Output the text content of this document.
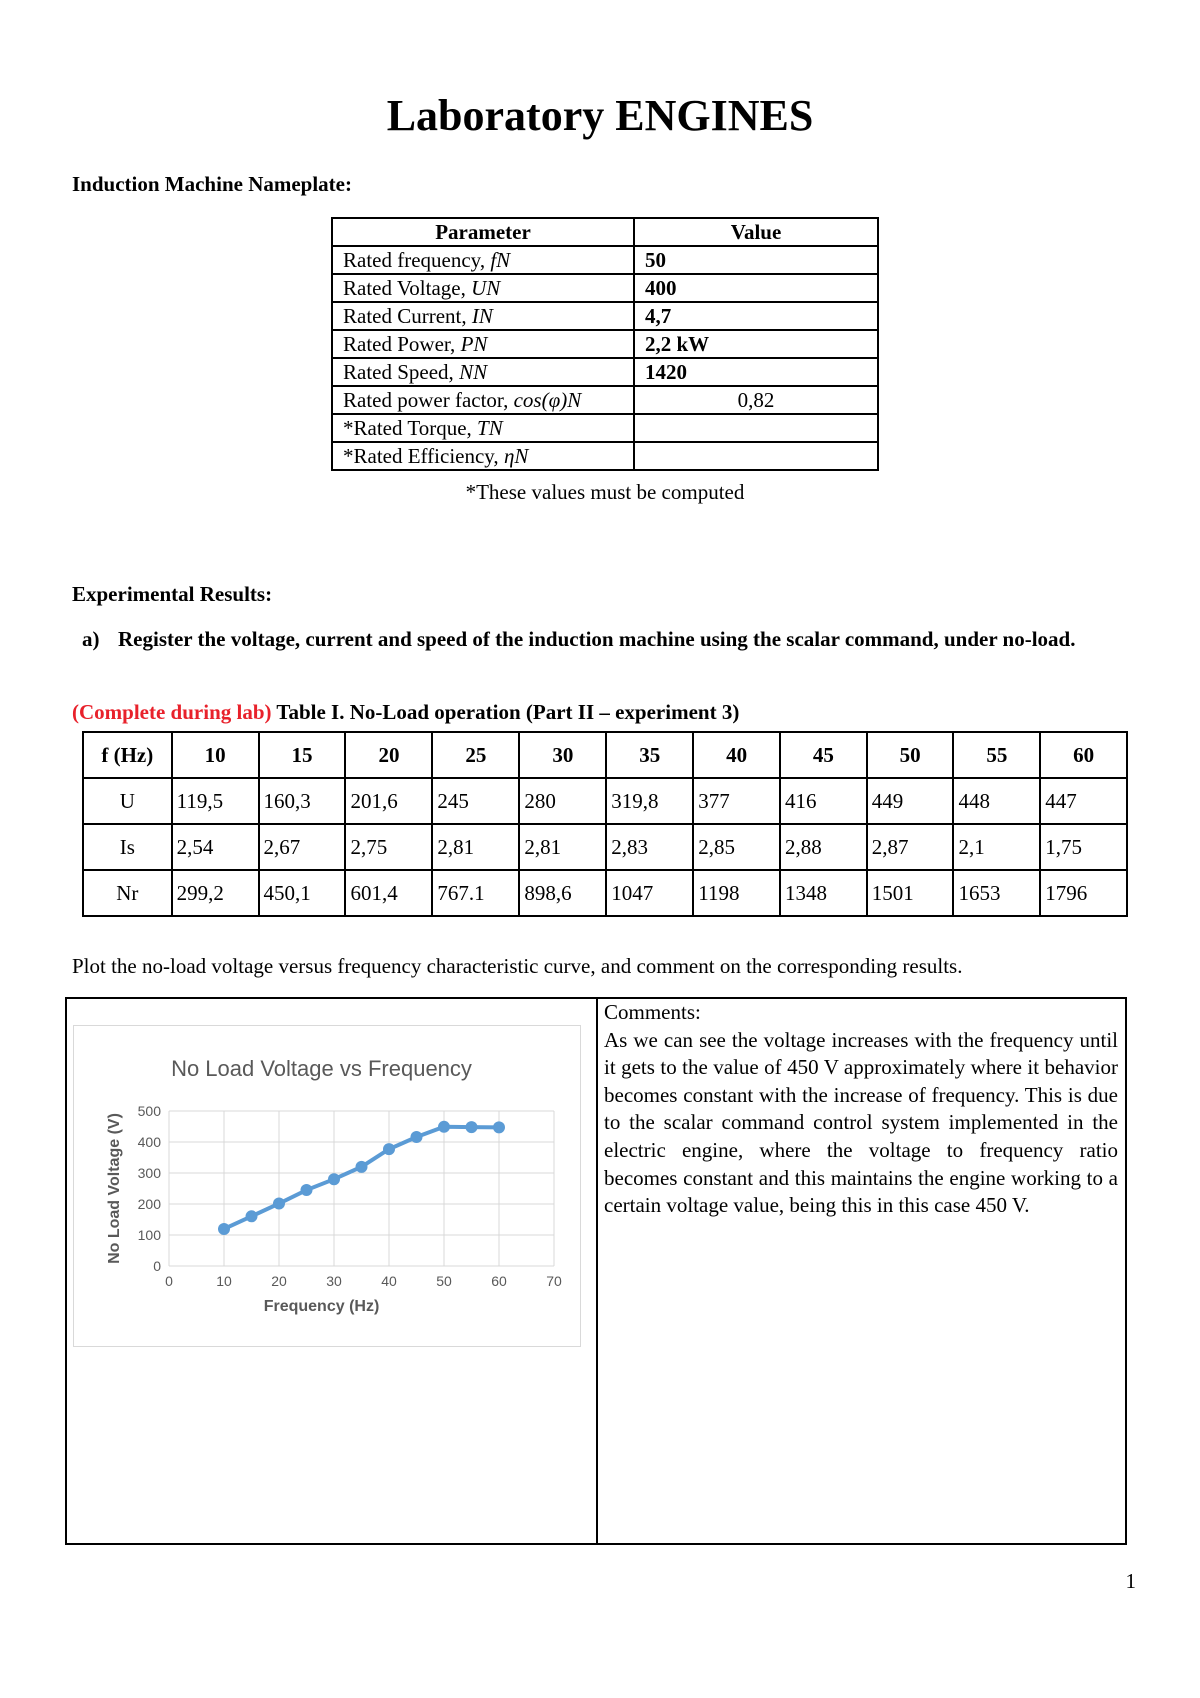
Laboratory ENGINES
Induction Machine Nameplate:
Parameter	Value
Rated frequency, fN	50
Rated Voltage, UN	400
Rated Current, IN	4,7
Rated Power, PN	2,2 kW
Rated Speed, NN	1420
Rated power factor, cos(φ)N	0,82
*Rated Torque, TN	
*Rated Efficiency, ηN	
*These values must be computed
Experimental Results:
a) Register the voltage, current and speed of the induction machine using the scalar command, under no-load.
(Complete during lab) Table I. No-Load operation (Part II – experiment 3)
f (Hz)	10	15	20	25	30	35	40	45	50	55	60
U	119,5	160,3	201,6	245	280	319,8	377	416	449	448	447
Is	2,54	2,67	2,75	2,81	2,81	2,83	2,85	2,88	2,87	2,1	1,75
Nr	299,2	450,1	601,4	767.1	898,6	1047	1198	1348	1501	1653	1796
Plot the no-load voltage versus frequency characteristic curve, and comment on the corresponding results.
No Load Voltage vs Frequency
0
100
200
300
400
500
0	10	20	30	40	50	60	70
Frequency (Hz)
No Load Voltage (V)
Comments:
As we can see the voltage increases with the frequency until it gets to the value of 450 V approximately where it behavior becomes constant with the increase of frequency. This is due to the scalar command control system implemented in the electric engine, where the voltage to frequency ratio becomes constant and this maintains the engine working to a certain voltage value, being this in this case 450 V.
1
